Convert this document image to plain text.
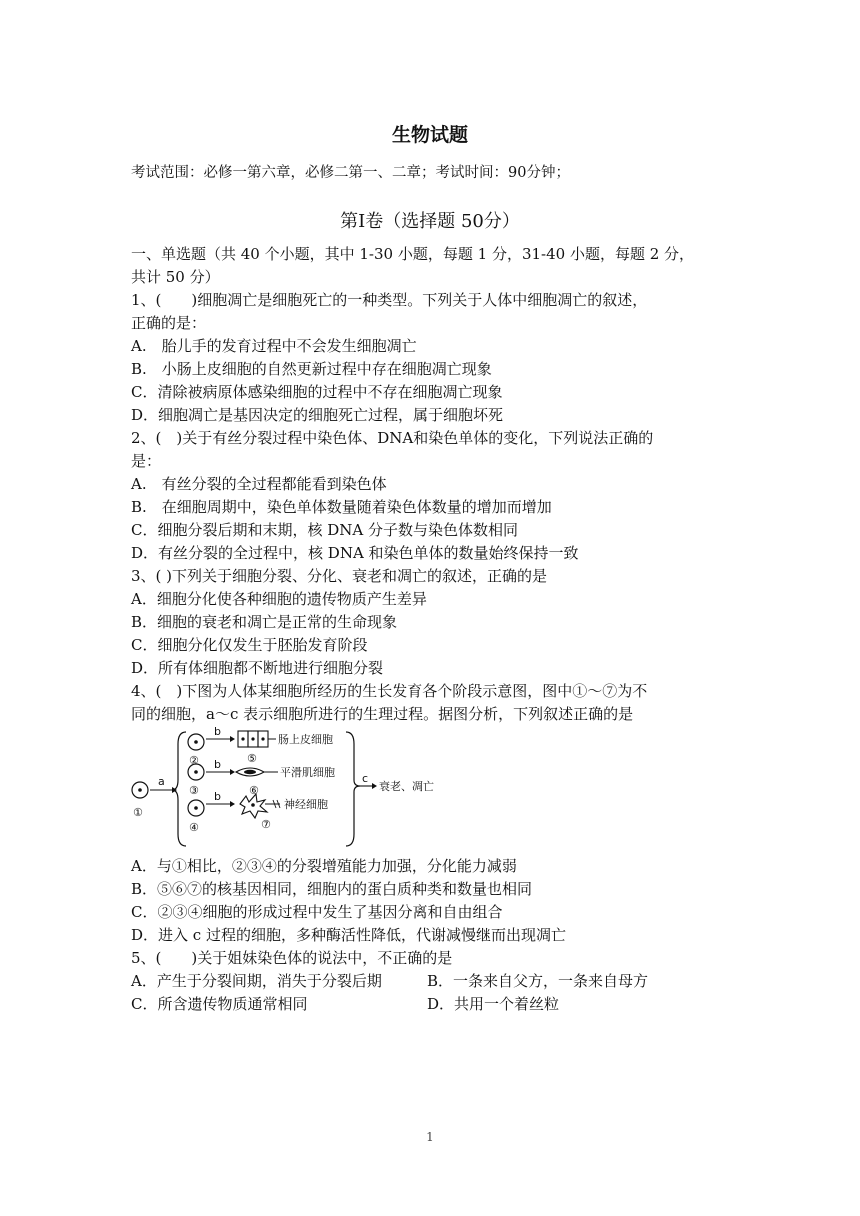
生物试题
考试范围：必修一第六章，必修二第一、二章；考试时间：90分钟；
第Ⅰ卷（选择题 50分）
一、单选题（共 40 个小题，其中 1-30 小题，每题 1 分，31-40 小题，每题 2 分，
共计 50 分）
1、(　　)细胞凋亡是细胞死亡的一种类型。下列关于人体中细胞凋亡的叙述，
正确的是：
A.　胎儿手的发育过程中不会发生细胞凋亡
B.　小肠上皮细胞的自然更新过程中存在细胞凋亡现象
C．清除被病原体感染细胞的过程中不存在细胞凋亡现象
D．细胞凋亡是基因决定的细胞死亡过程，属于细胞坏死
2、(　)关于有丝分裂过程中染色体、DNA和染色单体的变化，下列说法正确的
是：
A.　有丝分裂的全过程都能看到染色体
B.　在细胞周期中，染色单体数量随着染色体数量的增加而增加
C．细胞分裂后期和末期，核 DNA 分子数与染色体数相同
D．有丝分裂的全过程中，核 DNA 和染色单体的数量始终保持一致
3、( )下列关于细胞分裂、分化、衰老和凋亡的叙述，正确的是
A．细胞分化使各种细胞的遗传物质产生差异
B．细胞的衰老和凋亡是正常的生命现象
C．细胞分化仅发生于胚胎发育阶段
D．所有体细胞都不断地进行细胞分裂
4、(　)下图为人体某细胞所经历的生长发育各个阶段示意图，图中①～⑦为不
同的细胞，a～c 表示细胞所进行的生理过程。据图分析，下列叙述正确的是
①
a
②
③
④
b
b
b
⑤
肠上皮细胞
平滑肌细胞
⑥
神经细胞
⑦
c
衰老、凋亡
A．与①相比，②③④的分裂增殖能力加强，分化能力减弱
B．⑤⑥⑦的核基因相同，细胞内的蛋白质种类和数量也相同
C．②③④细胞的形成过程中发生了基因分离和自由组合
D．进入 c 过程的细胞，多种酶活性降低，代谢减慢继而出现凋亡
5、(　　)关于姐妹染色体的说法中，不正确的是
A．产生于分裂间期，消失于分裂后期	B．一条来自父方，一条来自母方
C．所含遗传物质通常相同	D．共用一个着丝粒
1
